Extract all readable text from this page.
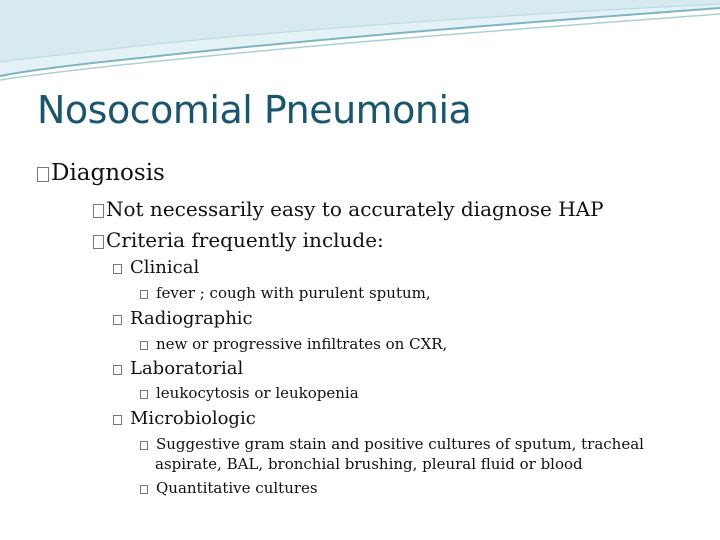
Nosocomial Pneumonia
Diagnosis
Not necessarily easy to accurately diagnose HAP
Criteria frequently include:
Clinical
fever ; cough with purulent sputum,
Radiographic
new or progressive infiltrates on CXR,
Laboratorial
leukocytosis or leukopenia
Microbiologic
Suggestive gram stain and positive cultures of sputum, tracheal
aspirate, BAL, bronchial brushing, pleural fluid or blood
Quantitative cultures
